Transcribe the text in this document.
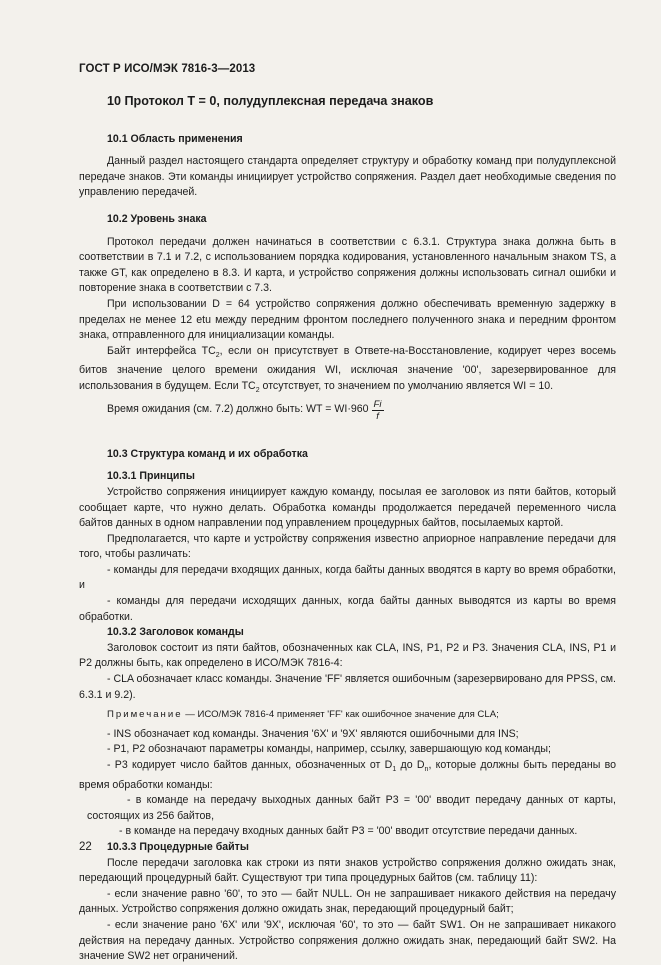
ГОСТ Р ИСО/МЭК 7816-3—2013

10 Протокол Т = 0, полудуплексная передача знаков

10.1 Область применения

Данный раздел настоящего стандарта определяет структуру и обработку команд при полудуплексной передаче знаков. Эти команды инициирует устройство сопряжения. Раздел дает необходимые сведения по управлению передачей.

10.2 Уровень знака

Протокол передачи должен начинаться в соответствии с 6.3.1. Структура знака должна быть в соответствии в 7.1 и 7.2, с использованием порядка кодирования, установленного начальным знаком TS, а также GT, как определено в 8.3. И карта, и устройство сопряжения должны использовать сигнал ошибки и повторение знака в соответствии с 7.3.

При использовании D = 64 устройство сопряжения должно обеспечивать временную задержку в пределах не менее 12 etu между передним фронтом последнего полученного знака и передним фронтом знака, отправленного для инициализации команды.

Байт интерфейса $TC_2$, если он присутствует в Ответе-на-Восстановление, кодирует через восемь битов значение целого времени ожидания WI, исключая значение '00', зарезервированное для использования в будущем. Если $TC_2$ отсутствует, то значением по умолчанию является WI = 10.

Время ожидания (см. 7.2) должно быть: WT = $WI\cdot 960 \frac{Fi}{f}$

10.3 Структура команд и их обработка

10.3.1 Принципы

Устройство сопряжения инициирует каждую команду, посылая ее заголовок из пяти байтов, который сообщает карте, что нужно делать. Обработка команды продолжается передачей переменного числа байтов данных в одном направлении под управлением процедурных байтов, посылаемых картой.

Предполагается, что карте и устройству сопряжения известно априорное направление передачи для того, чтобы различать:

- команды для передачи входящих данных, когда байты данных вводятся в карту во время обработки, и

- команды для передачи исходящих данных, когда байты данных выводятся из карты во время обработки.

10.3.2 Заголовок команды

Заголовок состоит из пяти байтов, обозначенных как CLA, INS, P1, P2 и P3. Значения CLA, INS, P1 и P2 должны быть, как определено в ИСО/МЭК 7816-4:

- CLA обозначает класс команды. Значение 'FF' является ошибочным (зарезервировано для PPSS, см. 6.3.1 и 9.2).

Примечание — ИСО/МЭК 7816-4 применяет 'FF' как ошибочное значение для CLA;

- INS обозначает код команды. Значения '6X' и '9X' являются ошибочными для INS;

- P1, P2 обозначают параметры команды, например, ссылку, завершающую код команды;

- P3 кодирует число байтов данных, обозначенных от $D_1$ до $D_n$, которые должны быть переданы во время обработки команды:

- в команде на передачу выходных данных байт P3 = '00' вводит передачу данных от карты, состоящих из 256 байтов,

- в команде на передачу входных данных байт P3 = '00' вводит отсутствие передачи данных.

10.3.3 Процедурные байты

После передачи заголовка как строки из пяти знаков устройство сопряжения должно ожидать знак, передающий процедурный байт. Существуют три типа процедурных байтов (см. таблицу 11):

- если значение равно '60', то это — байт NULL. Он не запрашивает никакого действия на передачу данных. Устройство сопряжения должно ожидать знак, передающий процедурный байт;

- если значение рано '6X' или '9X', исключая '60', то это — байт SW1. Он не запрашивает никакого действия на передачу данных. Устройство сопряжения должно ожидать знак, передающий байт SW2. На значение SW2 нет ограничений.

22
